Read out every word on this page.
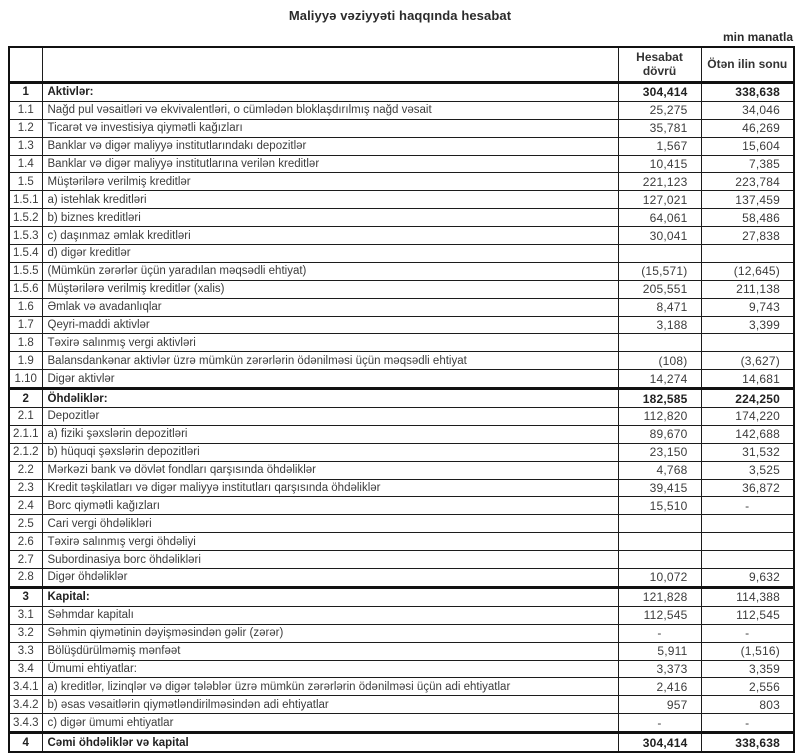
Maliyyə vəziyyəti haqqında hesabat
min manatla
		Hesabat dövrü	Ötən ilin sonu
1	Aktivlər:	304,414	338,638
1.1	Nağd pul vəsaitləri və ekvivalentləri, o cümlədən bloklaşdırılmış nağd vəsait	25,275	34,046
1.2	Ticarət və investisiya qiymətli kağızları	35,781	46,269
1.3	Banklar və digər maliyyə institutlarındakı depozitlər	1,567	15,604
1.4	Banklar və digər maliyyə institutlarına verilən kreditlər	10,415	7,385
1.5	Müştərilərə verilmiş kreditlər	221,123	223,784
1.5.1	a) istehlak kreditləri	127,021	137,459
1.5.2	b) biznes kreditləri	64,061	58,486
1.5.3	c) daşınmaz əmlak kreditləri	30,041	27,838
1.5.4	d) digər kreditlər		
1.5.5	(Mümkün zərərlər üçün yaradılan məqsədli ehtiyat)	(15,571)	(12,645)
1.5.6	Müştərilərə verilmiş kreditlər (xalis)	205,551	211,138
1.6	Əmlak və avadanlıqlar	8,471	9,743
1.7	Qeyri-maddi aktivlər	3,188	3,399
1.8	Təxirə salınmış vergi aktivləri		
1.9	Balansdankənar aktivlər üzrə mümkün zərərlərin ödənilməsi üçün məqsədli ehtiyat	(108)	(3,627)
1.10	Digər aktivlər	14,274	14,681
2	Öhdəliklər:	182,585	224,250
2.1	Depozitlər	112,820	174,220
2.1.1	a) fiziki şəxslərin depozitləri	89,670	142,688
2.1.2	b) hüquqi şəxslərin depozitləri	23,150	31,532
2.2	Mərkəzi bank və dövlət fondları qarşısında öhdəliklər	4,768	3,525
2.3	Kredit təşkilatları və digər maliyyə institutları qarşısında öhdəliklər	39,415	36,872
2.4	Borc qiymətli kağızları	15,510	-
2.5	Cari vergi öhdəlikləri		
2.6	Təxirə salınmış vergi öhdəliyi		
2.7	Subordinasiya borc öhdəlikləri		
2.8	Digər öhdəliklər	10,072	9,632
3	Kapital:	121,828	114,388
3.1	Səhmdar kapitalı	112,545	112,545
3.2	Səhmin qiymətinin dəyişməsindən gəlir (zərər)	-	-
3.3	Bölüşdürülməmiş mənfəət	5,911	(1,516)
3.4	Ümumi ehtiyatlar:	3,373	3,359
3.4.1	a) kreditlər, lizinqlər və digər tələblər üzrə mümkün zərərlərin ödənilməsi üçün adi ehtiyatlar	2,416	2,556
3.4.2	b) əsas vəsaitlərin qiymətləndirilməsindən adi ehtiyatlar	957	803
3.4.3	c) digər ümumi ehtiyatlar	-	-
4	Cəmi öhdəliklər və kapital	304,414	338,638
